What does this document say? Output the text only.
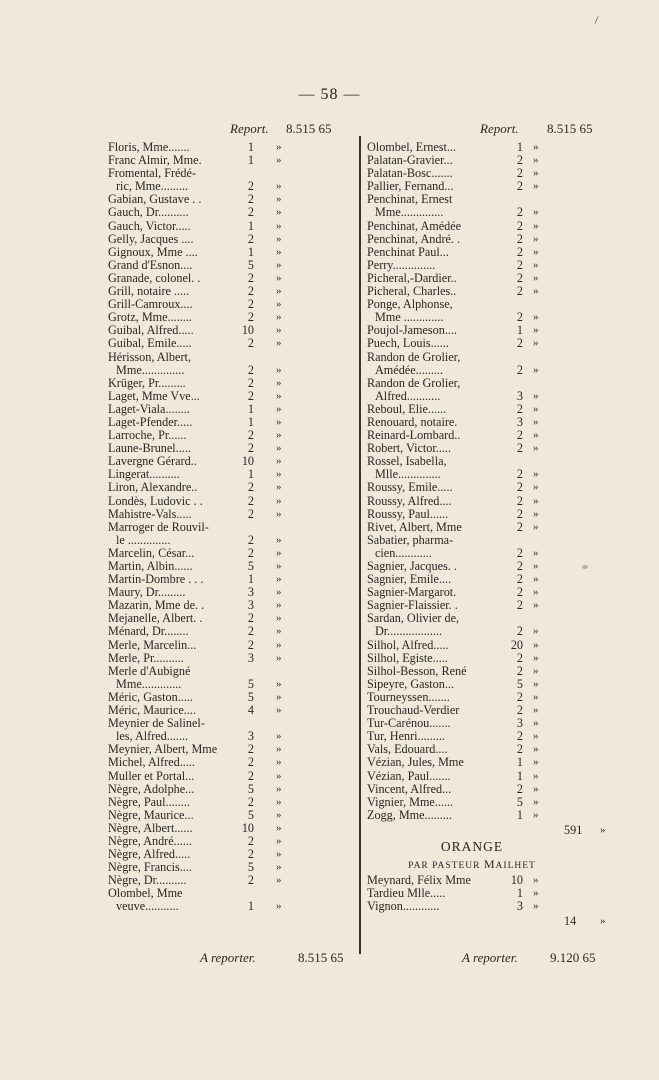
— 58 —
Report. 8.515 65	Report. 8.515 65
Floris, Mme.......	1 »
Franc Almir, Mme.	1 »
Fromental, Frédé-
ric, Mme.........	2 »
Gabian, Gustave . .	2 »
Gauch, Dr..........	2 »
Gauch, Victor.....	1 »
Gelly, Jacques ....	2 »
Gignoux, Mme ....	1 »
Grand d'Esnon....	5 »
Granade, colonel. .	2 »
Grill, notaire .....	2 »
Grill-Camroux....	2 »
Grotz, Mme........	2 »
Guibal, Alfred.....	10 »
Guibal, Emile.....	2 »
Hérisson, Albert,
Mme..............	2 »
Krüger, Pr.........	2 »
Laget, Mme Vve...	2 »
Laget-Viala........	1 »
Laget-Pfender.....	1 »
Larroche, Pr......	2 »
Laune-Brunel.....	2 »
Lavergne Gérard..	10 »
Lingerat..........	1 »
Liron, Alexandre..	2 »
Londès, Ludovic . .	2 »
Mahistre-Vals.....	2 »
Marroger de Rouvil-
le ..............	2 »
Marcelin, César...	2 »
Martin, Albin......	5 »
Martin-Dombre . . .	1 »
Maury, Dr.........	3 »
Mazarin, Mme de. .	3 »
Mejanelle, Albert. .	2 »
Ménard, Dr........	2 »
Merle, Marcelin...	2 »
Merle, Pr..........	3 »
Merle d'Aubigné
Mme.............	5 »
Méric, Gaston.....	5 »
Méric, Maurice....	4 »
Meynier de Salinel-
les, Alfred.......	3 »
Meynier, Albert, Mme	2 »
Michel, Alfred.....	2 »
Muller et Portal...	2 »
Nègre, Adolphe...	5 »
Nègre, Paul........	2 »
Nègre, Maurice...	5 »
Nègre, Albert......	10 »
Nègre, André......	2 »
Nègre, Alfred.....	2 »
Nègre, Francis....	5 »
Nègre, Dr..........	2 »
Olombel, Mme
veuve...........	1 »
Olombel, Ernest...	1 »
Palatan-Gravier...	2 »
Palatan-Bosc.......	2 »
Pallier, Fernand...	2 »
Penchinat, Ernest
Mme..............	2 »
Penchinat, Amédée	2 »
Penchinat, André. .	2 »
Penchinat Paul...	2 »
Perry..............	2 »
Picheral,-Dardier..	2 »
Picheral, Charles..	2 »
Ponge, Alphonse,
Mme .............	2 »
Poujol-Jameson....	1 »
Puech, Louis......	2 »
Randon de Grolier,
Amédée.........	2 »
Randon de Grolier,
Alfred...........	3 »
Reboul, Elie......	2 »
Renouard, notaire.	3 »
Reinard-Lombard..	2 »
Robert, Victor.....	2 »
Rossel, Isabella,
Mlle..............	2 »
Roussy, Emile.....	2 »
Roussy, Alfred....	2 »
Roussy, Paul......	2 »
Rivet, Albert, Mme	2 »
Sabatier, pharma-
cien............	2 »
Sagnier, Jacques. .	2 »
Sagnier, Emile....	2 »
Sagnier-Margarot.	2 »
Sagnier-Flaissier. .	2 »
Sardan, Olivier de,
Dr..................	2 »
Silhol, Alfred.....	20 »
Silhol, Egiste.....	2 »
Silhol-Besson, René	2 »
Sipeyre, Gaston...	5 »
Tourneyssen.......	2 »
Trouchaud-Verdier	2 »
Tur-Carénou.......	3 »
Tur, Henri.........	2 »
Vals, Edouard....	2 »
Vézian, Jules, Mme	1 »
Vézian, Paul.......	1 »
Vincent, Alfred...	2 »
Vignier, Mme......	5 »
Zogg, Mme.........	1 »
591 »
ORANGE
PAR PASTEUR MAILHET
Meynard, Félix Mme	10 »
Tardieu Mlle.....	1 »
Vignon............	3 »
14 »
A reporter.	8.515 65	A reporter. 9.120 65
